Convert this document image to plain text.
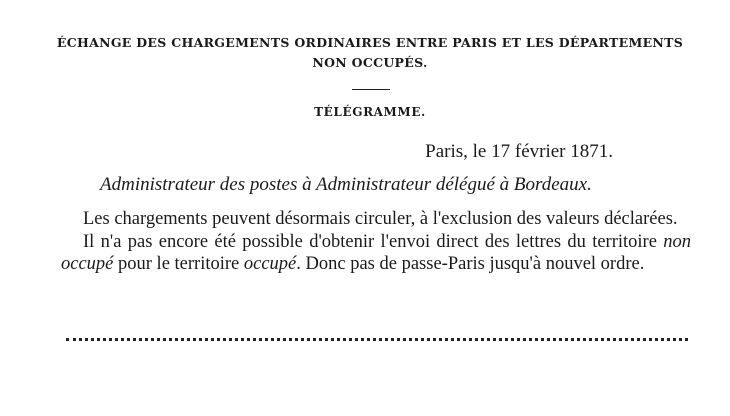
ÉCHANGE DES CHARGEMENTS ORDINAIRES ENTRE PARIS ET LES DÉPARTEMENTS
NON OCCUPÉS.
TÉLÉGRAMME.
Paris, le 17 février 1871.
Administrateur des postes à Administrateur délégué à Bordeaux.

Les chargements peuvent désormais circuler, à l'exclusion des valeurs déclarées.

Il n'a pas encore été possible d'obtenir l'envoi direct des lettres du territoire non occupé pour le territoire occupé. Donc pas de passe-Paris jusqu'à nouvel ordre.
